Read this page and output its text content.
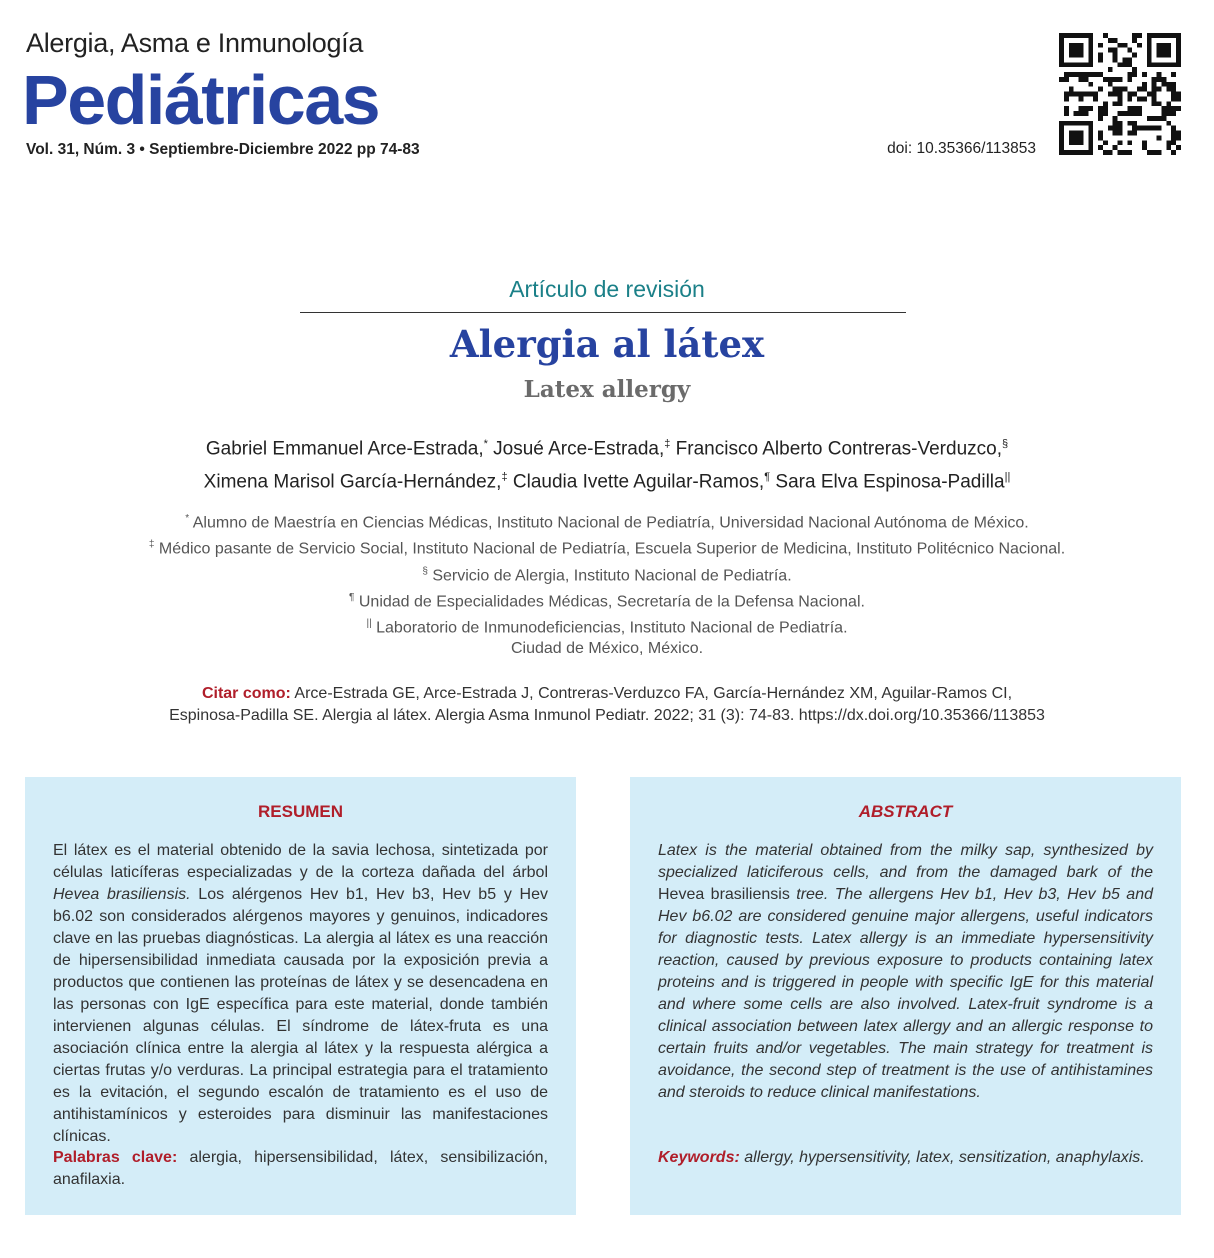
Alergia, Asma e Inmunología
Pediátricas
Vol. 31, Núm. 3 • Septiembre-Diciembre 2022 pp 74-83	doi: 10.35366/113853
Artículo de revisión
Alergia al látex
Latex allergy
Gabriel Emmanuel Arce-Estrada,* Josué Arce-Estrada,‡ Francisco Alberto Contreras-Verduzco,§
Ximena Marisol García-Hernández,‡ Claudia Ivette Aguilar-Ramos,¶ Sara Elva Espinosa-Padilla||
* Alumno de Maestría en Ciencias Médicas, Instituto Nacional de Pediatría, Universidad Nacional Autónoma de México.
‡ Médico pasante de Servicio Social, Instituto Nacional de Pediatría, Escuela Superior de Medicina, Instituto Politécnico Nacional.
§ Servicio de Alergia, Instituto Nacional de Pediatría.
¶ Unidad de Especialidades Médicas, Secretaría de la Defensa Nacional.
|| Laboratorio de Inmunodeficiencias, Instituto Nacional de Pediatría.
Ciudad de México, México.
Citar como: Arce-Estrada GE, Arce-Estrada J, Contreras-Verduzco FA, García-Hernández XM, Aguilar-Ramos CI,
Espinosa-Padilla SE. Alergia al látex. Alergia Asma Inmunol Pediatr. 2022; 31 (3): 74-83. https://dx.doi.org/10.35366/113853
RESUMEN
El látex es el material obtenido de la savia lechosa, sintetizada por células laticíferas especializadas y de la corteza dañada del árbol Hevea brasiliensis. Los alérgenos Hev b1, Hev b3, Hev b5 y Hev b6.02 son considerados alérgenos mayores y genuinos, indicadores clave en las pruebas diagnósticas. La alergia al látex es una reacción de hipersensibilidad inmediata causada por la exposición previa a productos que contienen las proteínas de látex y se desencadena en las personas con IgE específica para este material, donde también intervienen algunas células. El síndrome de látex-fruta es una asociación clínica entre la alergia al látex y la respuesta alérgica a ciertas frutas y/o verduras. La principal estrategia para el tratamiento es la evitación, el segundo escalón de tratamiento es el uso de antihistamínicos y esteroides para disminuir las manifestaciones clínicas.
Palabras clave: alergia, hipersensibilidad, látex, sensibilización, anafilaxia.
ABSTRACT
Latex is the material obtained from the milky sap, synthesized by specialized laticiferous cells, and from the damaged bark of the Hevea brasiliensis tree. The allergens Hev b1, Hev b3, Hev b5 and Hev b6.02 are considered genuine major allergens, useful indicators for diagnostic tests. Latex allergy is an immediate hypersensitivity reaction, caused by previous exposure to products containing latex proteins and is triggered in people with specific IgE for this material and where some cells are also involved. Latex-fruit syndrome is a clinical association between latex allergy and an allergic response to certain fruits and/or vegetables. The main strategy for treatment is avoidance, the second step of treatment is the use of antihistamines and steroids to reduce clinical manifestations.
Keywords: allergy, hypersensitivity, latex, sensitization, anaphylaxis.
